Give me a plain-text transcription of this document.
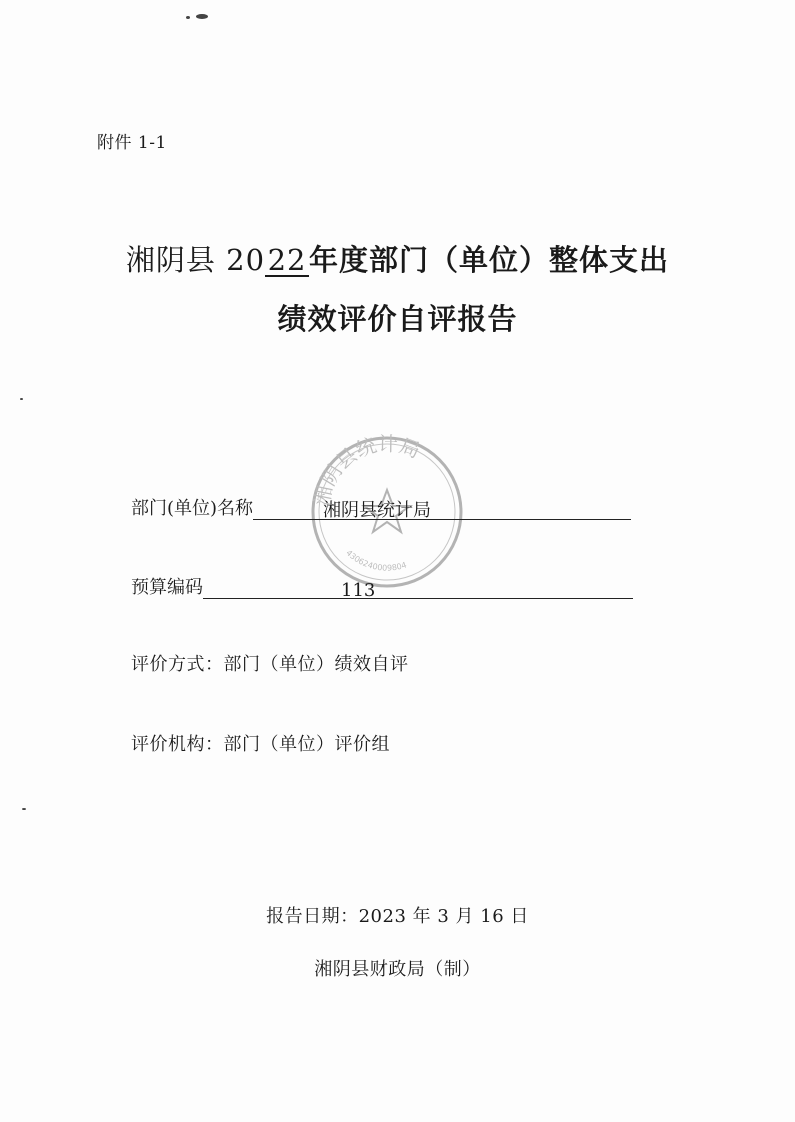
附件 1-1
湘阴县 2022年度部门（单位）整体支出
绩效评价自评报告
湘阴县统计局
4306240009804
部门(单位)名称	湘阴县统计局
预算编码	113
评价方式：部门（单位）绩效自评
评价机构：部门（单位）评价组
报告日期：2023 年 3 月 16 日
湘阴县财政局（制）
